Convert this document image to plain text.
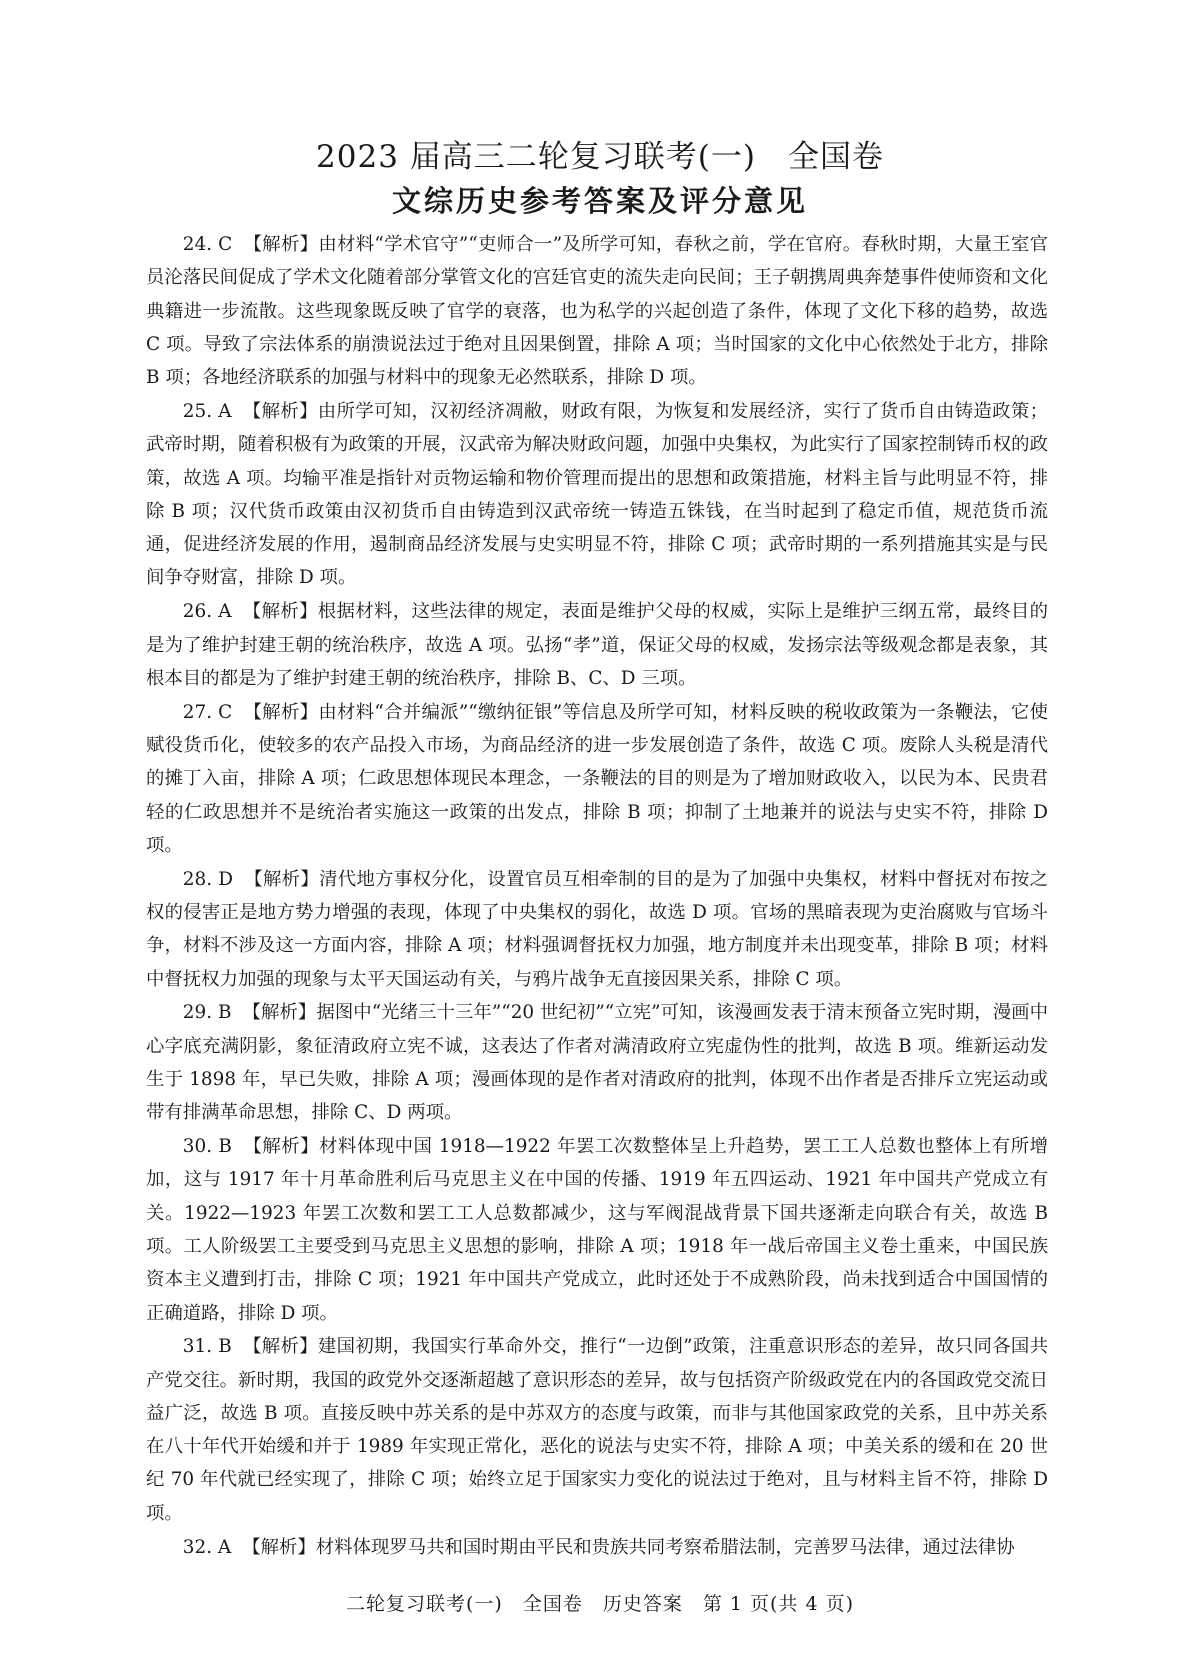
2023 届高三二轮复习联考(一)　全国卷
文综历史参考答案及评分意见

24. C 【解析】由材料“学术官守”“吏师合一”及所学可知，春秋之前，学在官府。春秋时期，大量王室官员沦落民间促成了学术文化随着部分掌管文化的宫廷官吏的流失走向民间；王子朝携周典奔楚事件使师资和文化典籍进一步流散。这些现象既反映了官学的衰落，也为私学的兴起创造了条件，体现了文化下移的趋势，故选 C 项。导致了宗法体系的崩溃说法过于绝对且因果倒置，排除 A 项；当时国家的文化中心依然处于北方，排除 B 项；各地经济联系的加强与材料中的现象无必然联系，排除 D 项。

25. A 【解析】由所学可知，汉初经济凋敝，财政有限，为恢复和发展经济，实行了货币自由铸造政策；武帝时期，随着积极有为政策的开展，汉武帝为解决财政问题，加强中央集权，为此实行了国家控制铸币权的政策，故选 A 项。均输平准是指针对贡物运输和物价管理而提出的思想和政策措施，材料主旨与此明显不符，排除 B 项；汉代货币政策由汉初货币自由铸造到汉武帝统一铸造五铢钱，在当时起到了稳定币值，规范货币流通，促进经济发展的作用，遏制商品经济发展与史实明显不符，排除 C 项；武帝时期的一系列措施其实是与民间争夺财富，排除 D 项。

26. A 【解析】根据材料，这些法律的规定，表面是维护父母的权威，实际上是维护三纲五常，最终目的是为了维护封建王朝的统治秩序，故选 A 项。弘扬“孝”道，保证父母的权威，发扬宗法等级观念都是表象，其根本目的都是为了维护封建王朝的统治秩序，排除 B、C、D 三项。

27. C 【解析】由材料“合并编派”“缴纳征银”等信息及所学可知，材料反映的税收政策为一条鞭法，它使赋役货币化，使较多的农产品投入市场，为商品经济的进一步发展创造了条件，故选 C 项。废除人头税是清代的摊丁入亩，排除 A 项；仁政思想体现民本理念，一条鞭法的目的则是为了增加财政收入，以民为本、民贵君轻的仁政思想并不是统治者实施这一政策的出发点，排除 B 项；抑制了土地兼并的说法与史实不符，排除 D 项。

28. D 【解析】清代地方事权分化，设置官员互相牵制的目的是为了加强中央集权，材料中督抚对布按之权的侵害正是地方势力增强的表现，体现了中央集权的弱化，故选 D 项。官场的黑暗表现为吏治腐败与官场斗争，材料不涉及这一方面内容，排除 A 项；材料强调督抚权力加强，地方制度并未出现变革，排除 B 项；材料中督抚权力加强的现象与太平天国运动有关，与鸦片战争无直接因果关系，排除 C 项。

29. B 【解析】据图中“光绪三十三年”“20 世纪初”“立宪”可知，该漫画发表于清末预备立宪时期，漫画中心字底充满阴影，象征清政府立宪不诚，这表达了作者对满清政府立宪虚伪性的批判，故选 B 项。维新运动发生于 1898 年，早已失败，排除 A 项；漫画体现的是作者对清政府的批判，体现不出作者是否排斥立宪运动或带有排满革命思想，排除 C、D 两项。

30. B 【解析】材料体现中国 1918—1922 年罢工次数整体呈上升趋势，罢工工人总数也整体上有所增加，这与 1917 年十月革命胜利后马克思主义在中国的传播、1919 年五四运动、1921 年中国共产党成立有关。1922—1923 年罢工次数和罢工工人总数都减少，这与军阀混战背景下国共逐渐走向联合有关，故选 B 项。工人阶级罢工主要受到马克思主义思想的影响，排除 A 项；1918 年一战后帝国主义卷土重来，中国民族资本主义遭到打击，排除 C 项；1921 年中国共产党成立，此时还处于不成熟阶段，尚未找到适合中国国情的正确道路，排除 D 项。

31. B 【解析】建国初期，我国实行革命外交，推行“一边倒”政策，注重意识形态的差异，故只同各国共产党交往。新时期，我国的政党外交逐渐超越了意识形态的差异，故与包括资产阶级政党在内的各国政党交流日益广泛，故选 B 项。直接反映中苏关系的是中苏双方的态度与政策，而非与其他国家政党的关系，且中苏关系在八十年代开始缓和并于 1989 年实现正常化，恶化的说法与史实不符，排除 A 项；中美关系的缓和在 20 世纪 70 年代就已经实现了，排除 C 项；始终立足于国家实力变化的说法过于绝对，且与材料主旨不符，排除 D 项。

32. A 【解析】材料体现罗马共和国时期由平民和贵族共同考察希腊法制，完善罗马法律，通过法律协

二轮复习联考(一)　全国卷　历史答案　第 1 页(共 4 页)
